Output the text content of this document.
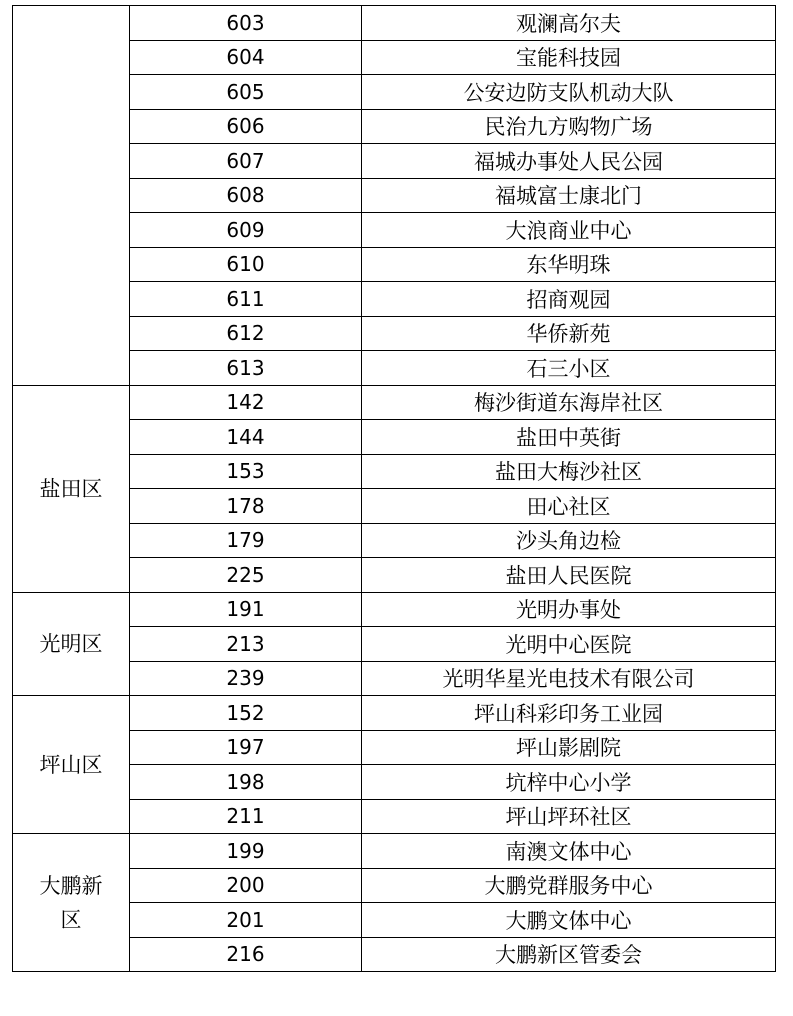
	603	观澜高尔夫
	604	宝能科技园
	605	公安边防支队机动大队
	606	民治九方购物广场
	607	福城办事处人民公园
	608	福城富士康北门
	609	大浪商业中心
	610	东华明珠
	611	招商观园
	612	华侨新苑
	613	石三小区
盐田区	142	梅沙街道东海岸社区
	144	盐田中英街
	153	盐田大梅沙社区
	178	田心社区
	179	沙头角边检
	225	盐田人民医院
光明区	191	光明办事处
	213	光明中心医院
	239	光明华星光电技术有限公司
坪山区	152	坪山科彩印务工业园
	197	坪山影剧院
	198	坑梓中心小学
	211	坪山坪环社区
大鹏新
区	199	南澳文体中心
	200	大鹏党群服务中心
	201	大鹏文体中心
	216	大鹏新区管委会
